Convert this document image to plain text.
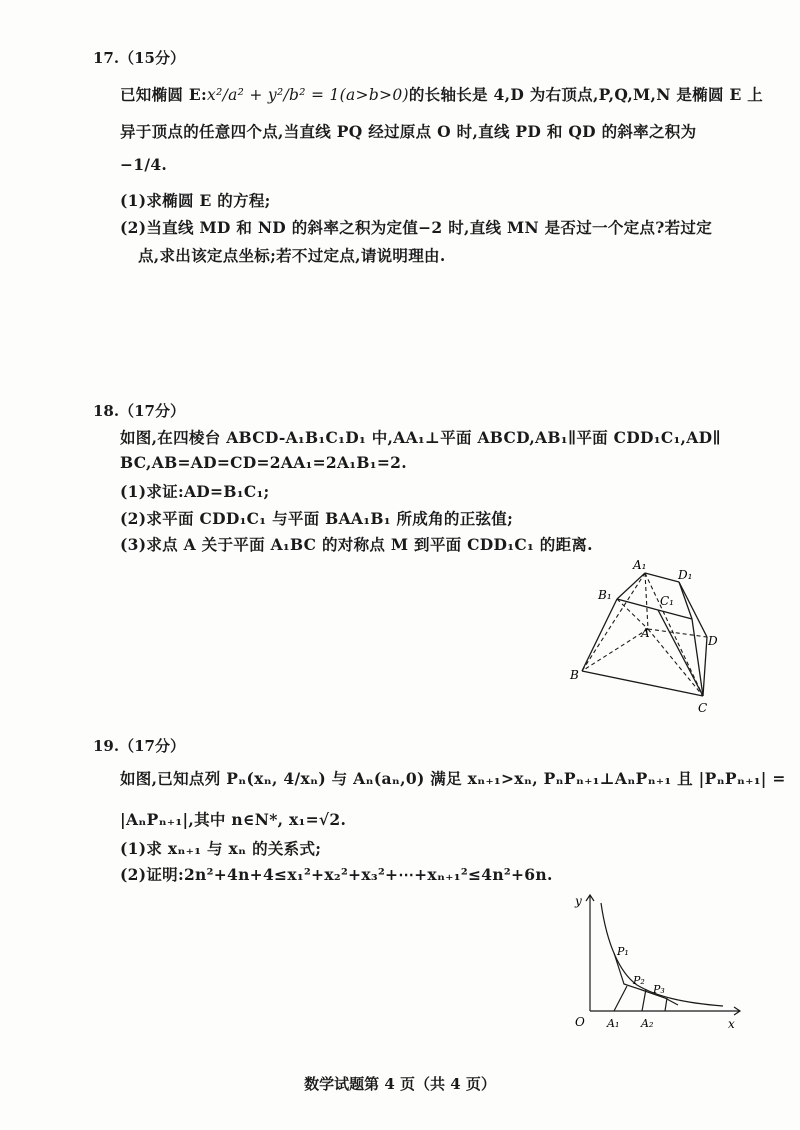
17.（15分）
已知椭圆 E:x²/a² + y²/b² = 1(a>b>0)的长轴长是 4,D 为右顶点,P,Q,M,N 是椭圆 E 上
异于顶点的任意四个点,当直线 PQ 经过原点 O 时,直线 PD 和 QD 的斜率之积为
−1/4.
(1)求椭圆 E 的方程;
(2)当直线 MD 和 ND 的斜率之积为定值−2 时,直线 MN 是否过一个定点?若过定
点,求出该定点坐标;若不过定点,请说明理由.
18.（17分）
如图,在四棱台 ABCD-A₁B₁C₁D₁ 中,AA₁⊥平面 ABCD,AB₁∥平面 CDD₁C₁,AD∥
BC,AB=AD=CD=2AA₁=2A₁B₁=2.
(1)求证:AD=B₁C₁;
(2)求平面 CDD₁C₁ 与平面 BAA₁B₁ 所成角的正弦值;
(3)求点 A 关于平面 A₁BC 的对称点 M 到平面 CDD₁C₁ 的距离.
A₁
D₁
B₁	C₁
A
D
B
C
19.（17分）
如图,已知点列 Pₙ(xₙ, 4/xₙ) 与 Aₙ(aₙ,0) 满足 xₙ₊₁>xₙ, PₙPₙ₊₁⊥AₙPₙ₊₁ 且 |PₙPₙ₊₁| =
|AₙPₙ₊₁|,其中 n∈N*, x₁=√2.
(1)求 xₙ₊₁ 与 xₙ 的关系式;
(2)证明:2n²+4n+4≤x₁²+x₂²+x₃²+⋯+xₙ₊₁²≤4n²+6n.
y
x
O
P₁
P₂
P₃
A₁ A₂
数学试题第 4 页（共 4 页）
